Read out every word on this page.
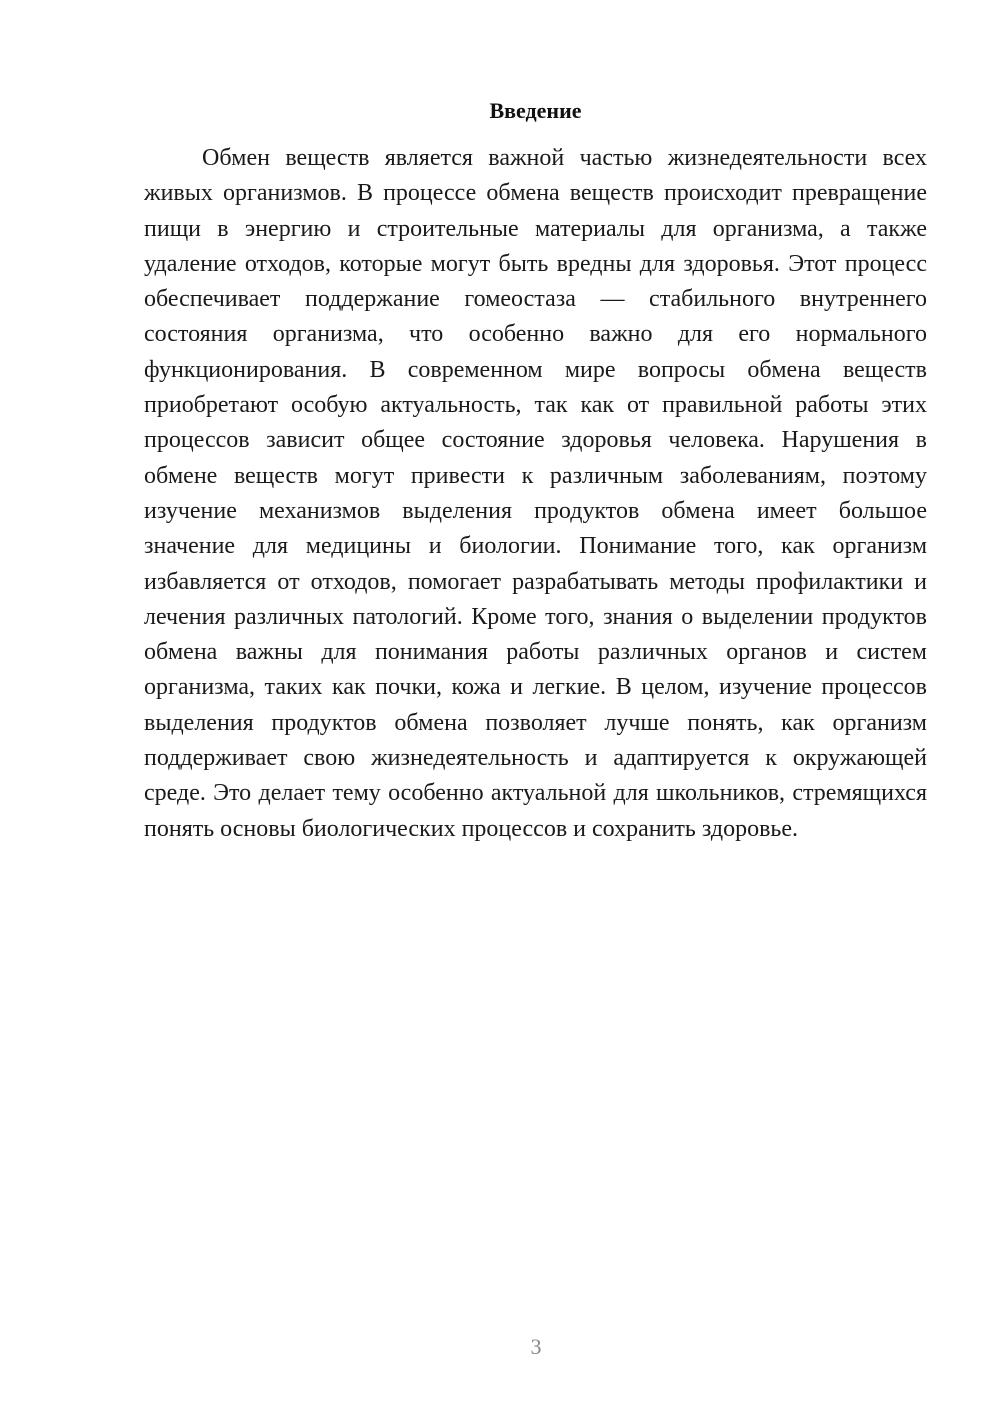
Введение

Обмен веществ является важной частью жизнедеятельности всех живых организмов. В процессе обмена веществ происходит превращение пищи в энергию и строительные материалы для организма, а также удаление отходов, которые могут быть вредны для здоровья. Этот процесс обеспечивает поддержание гомеостаза — стабильного внутреннего состояния организма, что особенно важно для его нормального функционирования. В современном мире вопросы обмена веществ приобретают особую актуальность, так как от правильной работы этих процессов зависит общее состояние здоровья человека. Нарушения в обмене веществ могут привести к различным заболеваниям, поэтому изучение механизмов выделения продуктов обмена имеет большое значение для медицины и биологии. Понимание того, как организм избавляется от отходов, помогает разрабатывать методы профилактики и лечения различных патологий. Кроме того, знания о выделении продуктов обмена важны для понимания работы различных органов и систем организма, таких как почки, кожа и легкие. В целом, изучение процессов выделения продуктов обмена позволяет лучше понять, как организм поддерживает свою жизнедеятельность и адаптируется к окружающей среде. Это делает тему особенно актуальной для школьников, стремящихся понять основы биологических процессов и сохранить здоровье.

3
